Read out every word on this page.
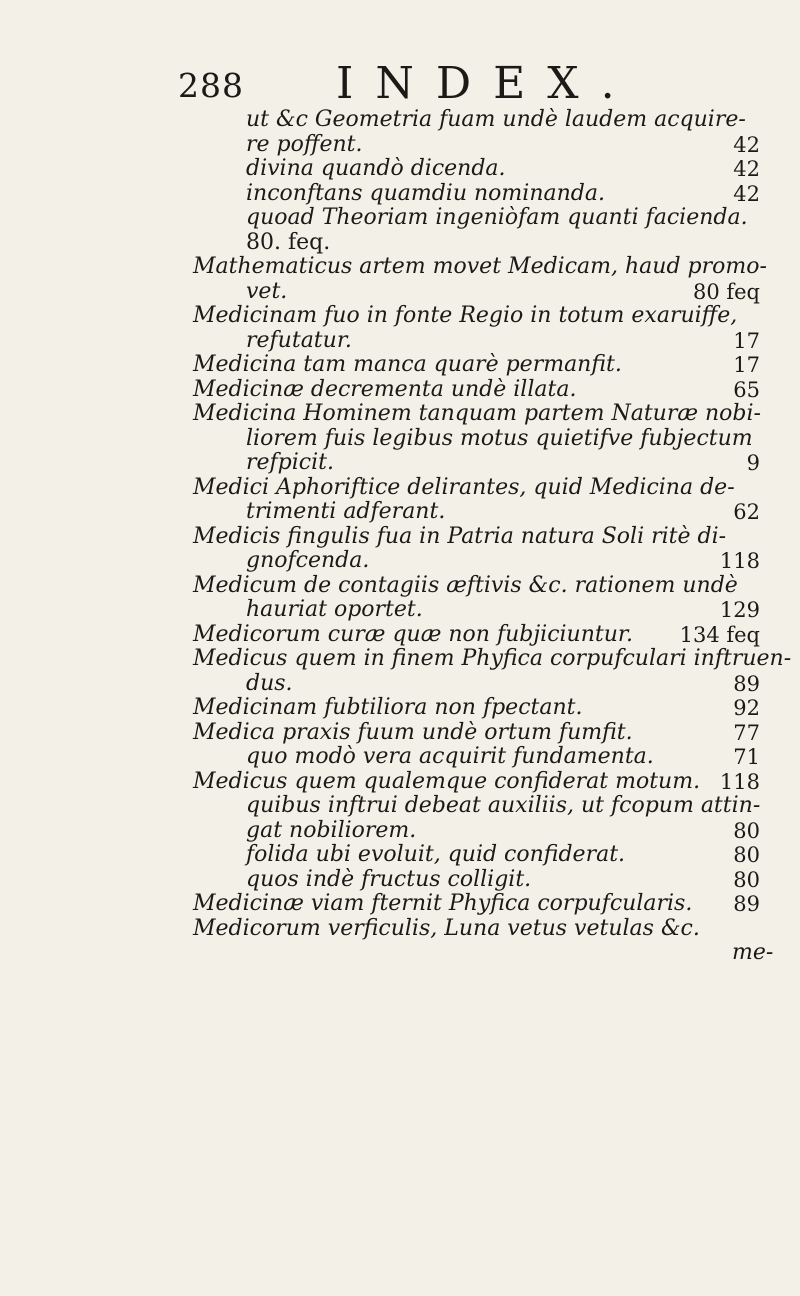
288 INDEX.
ut &c Geometria fuam undè laudem acquire-
re poffent.	42
divina quandò dicenda.	42
inconftans quamdiu nominanda.	42
quoad Theoriam ingeniòfam quanti facienda.
80. feq.
Mathematicus artem movet Medicam, haud promo-
vet.	80 feq
Medicinam fuo in fonte Regio in totum exaruiffe,
refutatur.	17
Medicina tam manca quarè permanfit.	17
Medicinæ decrementa undè illata.	65
Medicina Hominem tanquam partem Naturæ nobi-
liorem fuis legibus motus quietifve fubjectum
refpicit.	9
Medici Aphoriftice delirantes, quid Medicina de-
trimenti adferant.	62
Medicis fingulis fua in Patria natura Soli ritè di-
gnofcenda.	118
Medicum de contagiis æftivis &c. rationem undè
hauriat oportet.	129
Medicorum curæ quæ non fubjiciuntur. 134 feq
Medicus quem in finem Phyfica corpufculari inftruen-
dus.	89
Medicinam fubtiliora non fpectant.	92
Medica praxis fuum undè ortum fumfit.	77
quo modò vera acquirit fundamenta.	71
Medicus quem qualemque confiderat motum. 118
quibus inftrui debeat auxiliis, ut fcopum attin-
gat nobiliorem.	80
folida ubi evoluit, quid confiderat.	80
quos indè fructus colligit.	80
Medicinæ viam fternit Phyfica corpufcularis. 89
Medicorum verficulis, Luna vetus vetulas &c.
me-
